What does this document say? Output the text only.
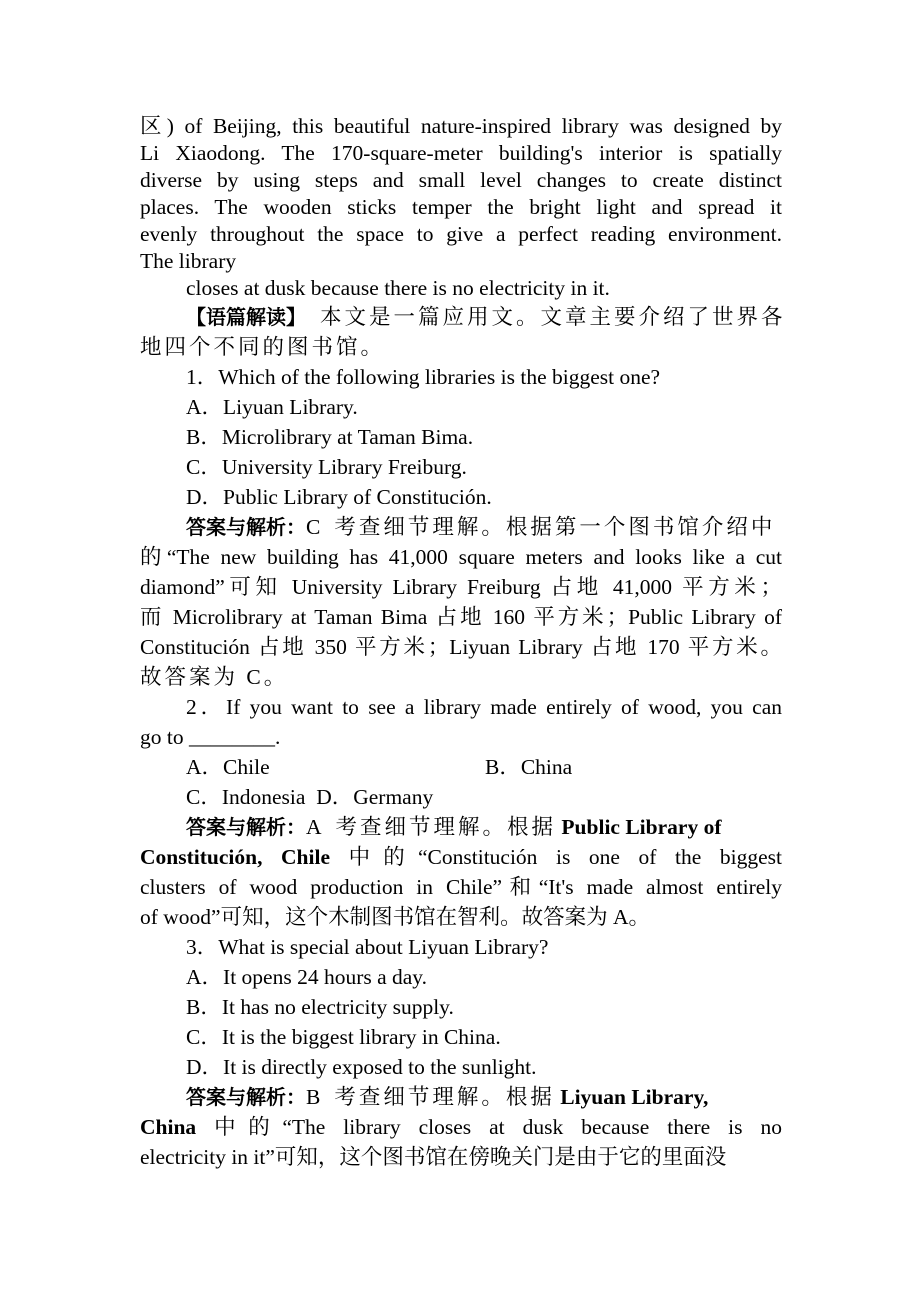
区) of Beijing, this beautiful nature-inspired library was designed by
Li Xiaodong. The 170-square-meter building's interior is spatially
diverse by using steps and small level changes to create distinct
places. The wooden sticks temper the bright light and spread it
evenly throughout the space to give a perfect reading environment.
The library
closes at dusk because there is no electricity in it.
【语篇解读】 本文是一篇应用文。文章主要介绍了世界各
地四个不同的图书馆。
1．Which of the following libraries is the biggest one?
A．Liyuan Library.
B．Microlibrary at Taman Bima.
C．University Library Freiburg.
D．Public Library of Constitución.
答案与解析：C 考查细节理解。根据第一个图书馆介绍中
的“The new building has 41,000 square meters and looks like a cut
diamond”可知 University Library Freiburg 占地 41,000 平方米；
而 Microlibrary at Taman Bima 占地 160 平方米；Public Library of
Constitución 占地 350 平方米；Liyuan Library 占地 170 平方米。
故答案为 C。
2．If you want to see a library made entirely of wood, you can
go to ________.
A．Chile	B．China
C．Indonesia D．Germany
答案与解析：A 考查细节理解。根据 Public Library of
Constitución, Chile 中的“Constitución is one of the biggest
clusters of wood production in Chile”和“It's made almost entirely
of wood”可知，这个木制图书馆在智利。故答案为 A。
3．What is special about Liyuan Library?
A．It opens 24 hours a day.
B．It has no electricity supply.
C．It is the biggest library in China.
D．It is directly exposed to the sunlight.
答案与解析：B 考查细节理解。根据 Liyuan Library,
China 中的“The library closes at dusk because there is no
electricity in it”可知，这个图书馆在傍晚关门是由于它的里面没
